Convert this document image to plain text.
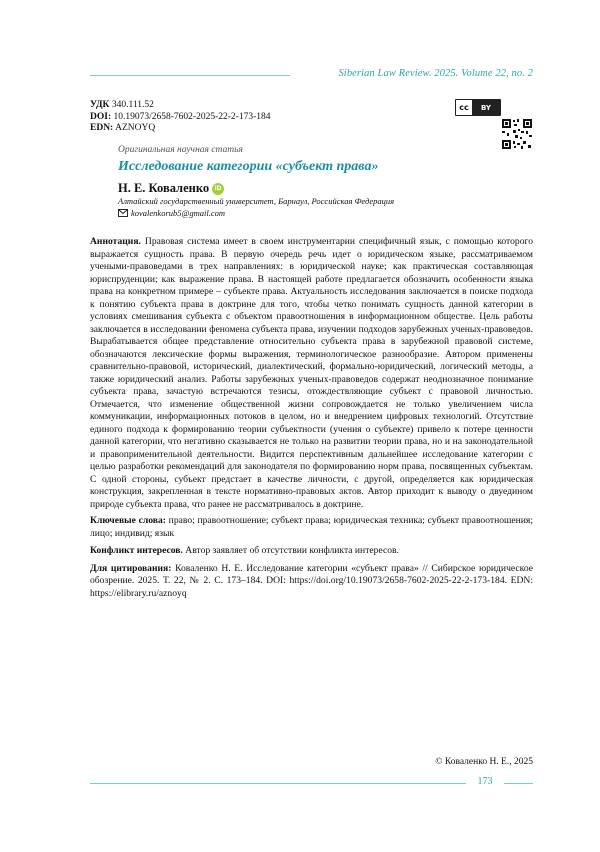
Siberian Law Review. 2025. Volume 22, no. 2
УДК 340.111.52
DOI: 10.19073/2658-7602-2025-22-2-173-184
EDN: AZNOYQ
cc	BY
Оригинальная научная статья
Исследование категории «субъект права»
Н. Е. Коваленко iD
Алтайский государственный университет, Барнаул, Российская Федерация
kovalenkorub5@gmail.com

Аннотация. Правовая система имеет в своем инструментарии специфичный язык, с помощью которого выражается сущность права. В первую очередь речь идет о юридическом языке, рассматриваемом учеными-правоведами в трех направлениях: в юридической науке; как практическая составляющая юриспруденции; как выражение права. В настоящей работе предлагается обозначить особенности языка права на конкретном примере – субъекте права. Актуальность исследования заключается в поиске подхода к понятию субъекта права в доктрине для того, чтобы четко понимать сущность данной категории в условиях смешивания субъекта с объектом правоотношения в информационном обществе. Цель работы заключается в исследовании феномена субъекта права, изучении подходов зарубежных ученых-правоведов. Вырабатывается общее представление относительно субъекта права в зарубежной правовой системе, обозначаются лексические формы выражения, терминологическое разнообразие. Автором применены сравнительно-правовой, исторический, диалектический, формально-юридический, логический методы, а также юридический анализ. Работы зарубежных ученых-правоведов содержат неоднозначное понимание субъекта права, зачастую встречаются тезисы, отождествляющие субъект с правовой личностью. Отмечается, что изменение общественной жизни сопровождается не только увеличением числа коммуникации, информационных потоков в целом, но и внедрением цифровых технологий. Отсутствие единого подхода к формированию теории субъектности (учения о субъекте) привело к потере ценности данной категории, что негативно сказывается не только на развитии теории права, но и на законодательной и правоприменительной деятельности. Видится перспективным дальнейшее исследование категории с целью разработки рекомендаций для законодателя по формированию норм права, посвященных субъектам. С одной стороны, субъект предстает в качестве личности, с другой, определяется как юридическая конструкция, закрепленная в тексте нормативно-правовых актов. Автор приходит к выводу о двуедином природе субъекта права, что ранее не рассматривалось в доктрине.

Ключевые слова: право; правоотношение; субъект права; юридическая техника; субъект правоотношения; лицо; индивид; язык

Конфликт интересов. Автор заявляет об отсутствии конфликта интересов.

Для цитирования: Коваленко Н. Е. Исследование категории «субъект права» // Сибирское юридическое обозрение. 2025. Т. 22, № 2. С. 173–184. DOI: https://doi.org/10.19073/2658-7602-2025-22-2-173-184. EDN: https://elibrary.ru/aznoyq

© Коваленко Н. Е., 2025
173
